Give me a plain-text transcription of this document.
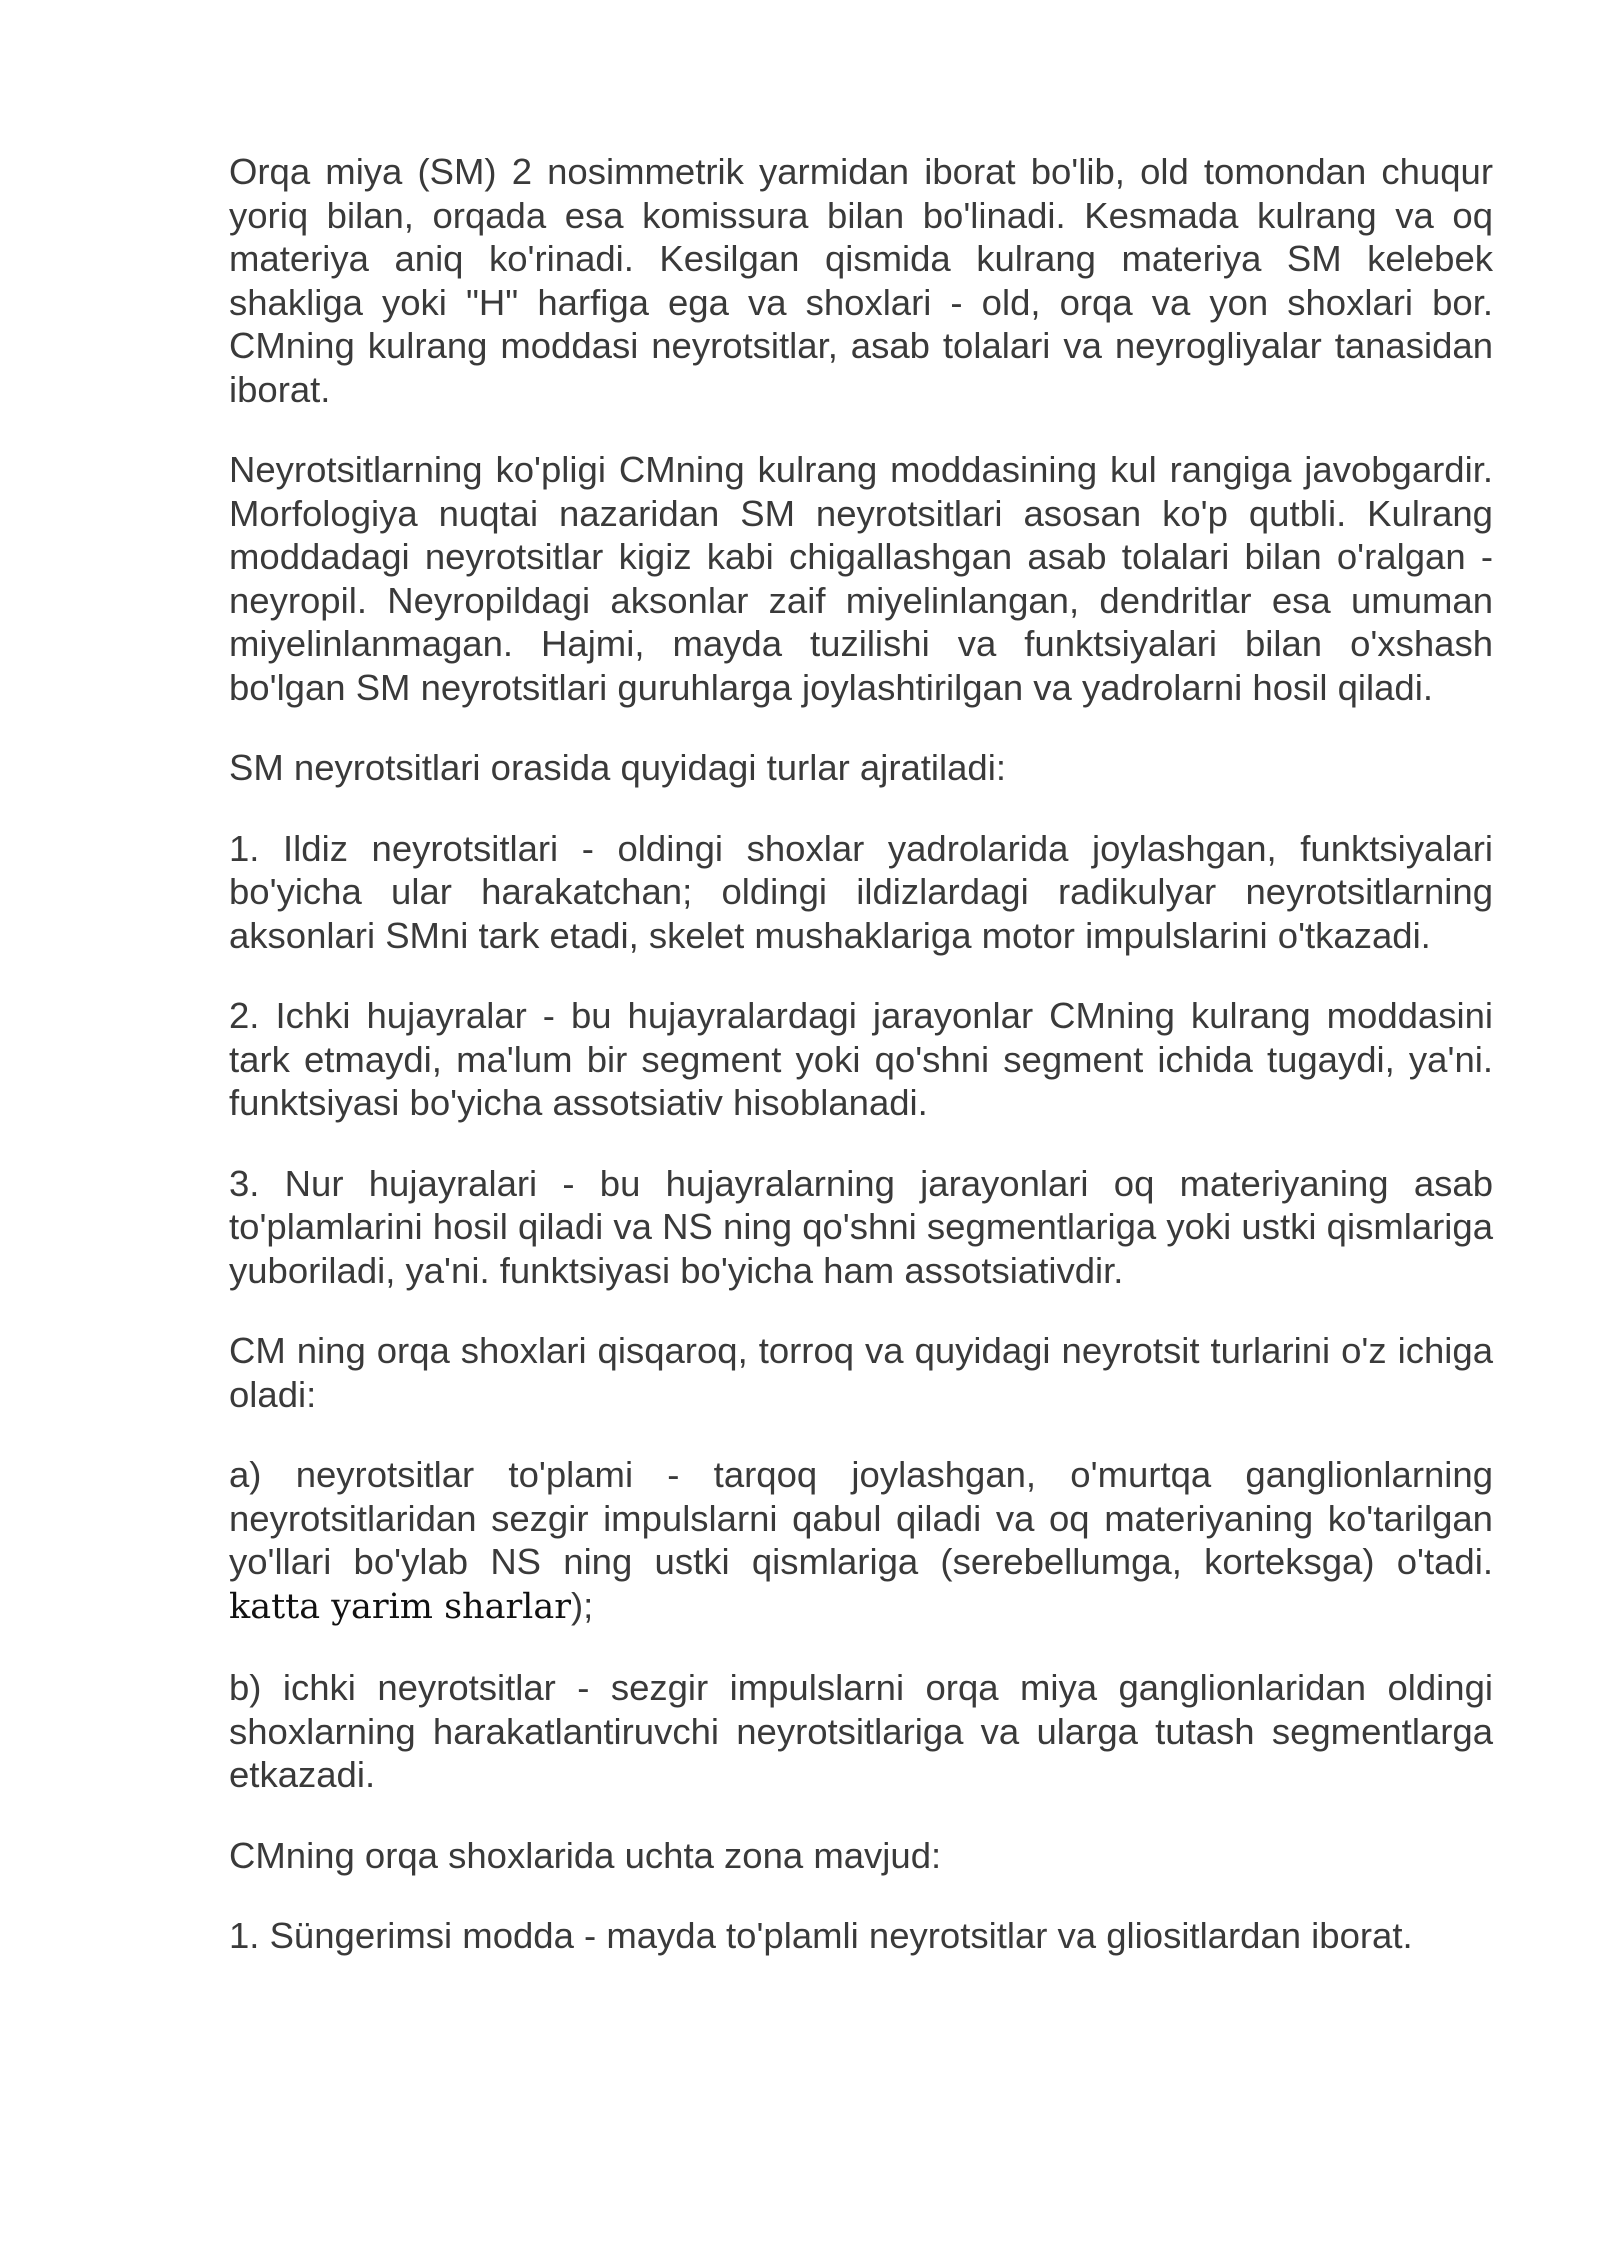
Orqa miya (SM) 2 nosimmetrik yarmidan iborat bo'lib, old tomondan chuqur yoriq bilan, orqada esa komissura bilan bo'linadi. Kesmada kulrang va oq materiya aniq ko'rinadi. Kesilgan qismida kulrang materiya SM kelebek shakliga yoki "H" harfiga ega va shoxlari - old, orqa va yon shoxlari bor. CMning kulrang moddasi neyrotsitlar, asab tolalari va neyrogliyalar tanasidan iborat.

Neyrotsitlarning ko'pligi CMning kulrang moddasining kul rangiga javobgardir. Morfologiya nuqtai nazaridan SM neyrotsitlari asosan ko'p qutbli. Kulrang moddadagi neyrotsitlar kigiz kabi chigallashgan asab tolalari bilan o'ralgan - neyropil. Neyropildagi aksonlar zaif miyelinlangan, dendritlar esa umuman miyelinlanmagan. Hajmi, mayda tuzilishi va funktsiyalari bilan o'xshash bo'lgan SM neyrotsitlari guruhlarga joylashtirilgan va yadrolarni hosil qiladi.

SM neyrotsitlari orasida quyidagi turlar ajratiladi:

1. Ildiz neyrotsitlari - oldingi shoxlar yadrolarida joylashgan, funktsiyalari bo'yicha ular harakatchan; oldingi ildizlardagi radikulyar neyrotsitlarning aksonlari SMni tark etadi, skelet mushaklariga motor impulslarini o'tkazadi.

2. Ichki hujayralar - bu hujayralardagi jarayonlar CMning kulrang moddasini tark etmaydi, ma'lum bir segment yoki qo'shni segment ichida tugaydi, ya'ni. funktsiyasi bo'yicha assotsiativ hisoblanadi.

3. Nur hujayralari - bu hujayralarning jarayonlari oq materiyaning asab to'plamlarini hosil qiladi va NS ning qo'shni segmentlariga yoki ustki qismlariga yuboriladi, ya'ni. funktsiyasi bo'yicha ham assotsiativdir.

CM ning orqa shoxlari qisqaroq, torroq va quyidagi neyrotsit turlarini o'z ichiga oladi:

a) neyrotsitlar to'plami - tarqoq joylashgan, o'murtqa ganglionlarning neyrotsitlaridan sezgir impulslarni qabul qiladi va oq materiyaning ko'tarilgan yo'llari bo'ylab NS ning ustki qismlariga (serebellumga, korteksga) o'tadi. katta yarim sharlar);

b) ichki neyrotsitlar - sezgir impulslarni orqa miya ganglionlaridan oldingi shoxlarning harakatlantiruvchi neyrotsitlariga va ularga tutash segmentlarga etkazadi.

CMning orqa shoxlarida uchta zona mavjud:

1. Süngerimsi modda - mayda to'plamli neyrotsitlar va gliositlardan iborat.
